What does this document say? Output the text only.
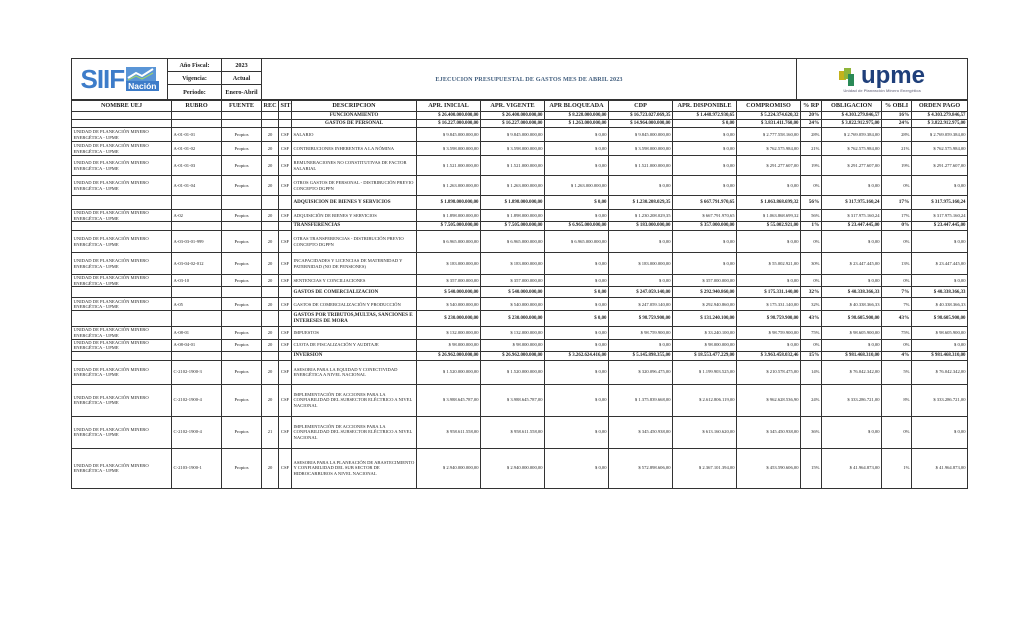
SIIF Nación	Año Fiscal:	2023	EJECUCION PRESUPUESTAL DE GASTOS MES DE ABRIL 2023	upme
Unidad de Planeación Minero Energética

	Vigencia:	Actual		
	Periodo:	Enero-Abril		
NOMBRE UEJ	RUBRO	FUENTE	REC	SIT	DESCRIPCION	APR. INICIAL	APR. VIGENTE	APR BLOQUEADA	CDP	APR. DISPONIBLE	COMPROMISO	% RP	OBLIGACION	% OBLI	ORDEN PAGO
					FUNCIONAMIENTO	$ 26.400.000.000,00	$ 26.400.000.000,00	$ 8.228.000.000,00	$ 16.723.027.069,35	$ 1.448.972.930,65	$ 5.224.374.620,32	20%	$ 4.303.279.846,57	16%	$ 4.303.279.846,57
					GASTOS DE PERSONAL	$ 16.227.000.000,00	$ 16.227.000.000,00	$ 1.263.000.000,00	$ 14.964.000.000,00	$ 0,00	$ 3.831.411.760,00	24%	$ 3.822.912.975,00	24%	$ 3.822.912.975,00
UNIDAD DE PLANEACIÓN MINERO ENERGÉTICA - UPME	A-01-01-01	Propios	20	CSF	SALARIO	$ 9.845.000.000,00	$ 9.845.000.000,00	$ 0,00	$ 9.845.000.000,00	$ 0,00	$ 2.777.558.160,00	28%	$ 2.769.059.384,00	28%	$ 2.769.059.384,00
UNIDAD DE PLANEACIÓN MINERO ENERGÉTICA - UPME	A-01-01-02	Propios	20	CSF	CONTRIBUCIONES INHERENTES A LA NÓMINA	$ 3.598.000.000,00	$ 3.598.000.000,00	$ 0,00	$ 3.598.000.000,00	$ 0,00	$ 762.575.984,00	21%	$ 762.575.984,00	21%	$ 762.575.984,00
UNIDAD DE PLANEACIÓN MINERO ENERGÉTICA - UPME	A-01-01-03	Propios	20	CSF	REMUNERACIONES NO CONSTITUTIVAS DE FACTOR SALARIAL	$ 1.521.000.000,00	$ 1.521.000.000,00	$ 0,00	$ 1.521.000.000,00	$ 0,00	$ 291.277.607,00	19%	$ 291.277.607,00	19%	$ 291.277.607,00
UNIDAD DE PLANEACIÓN MINERO ENERGÉTICA - UPME	A-01-01-04	Propios	20	CSF	OTROS GASTOS DE PERSONAL - DISTRIBUCIÓN PREVIO CONCEPTO DGPPN	$ 1.263.000.000,00	$ 1.263.000.000,00	$ 1.263.000.000,00	$ 0,00	$ 0,00	$ 0,00	0%	$ 0,00	0%	$ 0,00
					ADQUISICION DE BIENES Y SERVICIOS	$ 1.898.000.000,00	$ 1.898.000.000,00	$ 0,00	$ 1.230.208.029,35	$ 667.791.970,65	$ 1.063.868.699,32	56%	$ 317.975.160,24	17%	$ 317.975.160,24
UNIDAD DE PLANEACIÓN MINERO ENERGÉTICA - UPME	A-02	Propios	20	CSF	ADQUISICIÓN DE BIENES Y SERVICIOS	$ 1.898.000.000,00	$ 1.898.000.000,00	$ 0,00	$ 1.230.208.029,35	$ 667.791.970,65	$ 1.063.868.699,32	56%	$ 317.975.160,24	17%	$ 317.975.160,24
					TRANSFERENCIAS	$ 7.505.000.000,00	$ 7.505.000.000,00	$ 6.965.000.000,00	$ 183.000.000,00	$ 357.000.000,00	$ 55.002.921,00	1%	$ 23.447.445,00	0%	$ 23.447.445,00
UNIDAD DE PLANEACIÓN MINERO ENERGÉTICA - UPME	A-03-03-01-999	Propios	20	CSF	OTRAS TRANSFERENCIAS - DISTRIBUCIÓN PREVIO CONCEPTO DGPPN	$ 6.965.000.000,00	$ 6.965.000.000,00	$ 6.965.000.000,00	$ 0,00	$ 0,00	$ 0,00	0%	$ 0,00	0%	$ 0,00
UNIDAD DE PLANEACIÓN MINERO ENERGÉTICA - UPME	A-03-04-02-012	Propios	20	CSF	INCAPACIDADES Y LICENCIAS DE MATERNIDAD Y PATERNIDAD (NO DE PENSIONES)	$ 183.000.000,00	$ 183.000.000,00	$ 0,00	$ 183.000.000,00	$ 0,00	$ 55.002.921,00	30%	$ 23.447.445,00	13%	$ 23.447.445,00
UNIDAD DE PLANEACIÓN MINERO ENERGÉTICA - UPME	A-03-10	Propios	20	CSF	SENTENCIAS Y CONCILIACIONES	$ 357.000.000,00	$ 357.000.000,00	$ 0,00	$ 0,00	$ 357.000.000,00	$ 0,00	0%	$ 0,00	0%	$ 0,00
					GASTOS DE COMERCIALIZACION	$ 540.000.000,00	$ 540.000.000,00	$ 0,00	$ 247.059.140,00	$ 292.940.860,00	$ 175.331.140,00	32%	$ 40.338.366,33	7%	$ 40.338.366,33
UNIDAD DE PLANEACIÓN MINERO ENERGÉTICA - UPME	A-05	Propios	20	CSF	GASTOS DE COMERCIALIZACIÓN Y PRODUCCIÓN	$ 540.000.000,00	$ 540.000.000,00	$ 0,00	$ 247.059.140,00	$ 292.940.860,00	$ 175.331.140,00	32%	$ 40.338.366,33	7%	$ 40.338.366,33
					GASTOS POR TRIBUTOS,MULTAS, SANCIONES E INTERESES DE MORA	$ 230.000.000,00	$ 230.000.000,00	$ 0,00	$ 98.759.900,00	$ 131.240.100,00	$ 98.759.900,00	43%	$ 98.605.900,00	43%	$ 98.605.900,00
UNIDAD DE PLANEACIÓN MINERO ENERGÉTICA - UPME	A-08-01	Propios	20	CSF	IMPUESTOS	$ 132.000.000,00	$ 132.000.000,00	$ 0,00	$ 98.759.900,00	$ 33.240.100,00	$ 98.759.900,00	75%	$ 98.605.900,00	75%	$ 98.605.900,00
UNIDAD DE PLANEACIÓN MINERO ENERGÉTICA - UPME	A-08-04-01	Propios	20	CSF	CUOTA DE FISCALIZACIÓN Y AUDITAJE	$ 98.000.000,00	$ 98.000.000,00	$ 0,00	$ 0,00	$ 98.000.000,00	$ 0,00	0%	$ 0,00	0%	$ 0,00
					INVERSION	$ 26.962.000.000,00	$ 26.962.000.000,00	$ 3.262.624.416,00	$ 5.145.898.355,00	$ 18.553.477.229,00	$ 3.963.458.032,46	15%	$ 981.468.310,00	4%	$ 981.468.310,00
UNIDAD DE PLANEACIÓN MINERO ENERGÉTICA - UPME	C-2102-1900-3	Propios	20	CSF	ASESORIA PARA LA EQUIDAD Y CONECTIVIDAD ENERGÉTICA A NIVEL NACIONAL	$ 1.520.000.000,00	$ 1.520.000.000,00	$ 0,00	$ 320.096.475,00	$ 1.199.903.525,00	$ 210.578.475,00	14%	$ 76.042.342,00	5%	$ 76.042.342,00
UNIDAD DE PLANEACIÓN MINERO ENERGÉTICA - UPME	C-2102-1900-4	Propios	20	CSF	IMPLEMENTACIÓN DE ACCIONES PARA LA CONFIABILIDAD DEL SUBSECTOR ELÉCTRICO A NIVEL NACIONAL	$ 3.988.645.787,00	$ 3.988.645.787,00	$ 0,00	$ 1.375.839.668,00	$ 2.612.806.119,00	$ 962.628.536,90	24%	$ 333.286.721,00	8%	$ 333.286.721,00
UNIDAD DE PLANEACIÓN MINERO ENERGÉTICA - UPME	C-2102-1900-4	Propios	21	CSF	IMPLEMENTACIÓN DE ACCIONES PARA LA CONFIABILIDAD DEL SUBSECTOR ELÉCTRICO A NIVEL NACIONAL	$ 958.611.558,00	$ 958.611.558,00	$ 0,00	$ 345.450.938,00	$ 613.160.620,00	$ 345.450.938,00	36%	$ 0,00	0%	$ 0,00
UNIDAD DE PLANEACIÓN MINERO ENERGÉTICA - UPME	C-2103-1900-1	Propios	20	CSF	ASESORIA PARA LA PLANEACIÓN DE ABASTECIMIENTO Y CONFIABILIDAD DEL SUB SECTOR DE HIDROCARBUROS A NIVEL NACIONAL	$ 2.940.000.000,00	$ 2.940.000.000,00	$ 0,00	$ 572.898.606,00	$ 2.367.101.394,00	$ 453.590.606,00	15%	$ 41.964.873,00	1%	$ 41.964.873,00
